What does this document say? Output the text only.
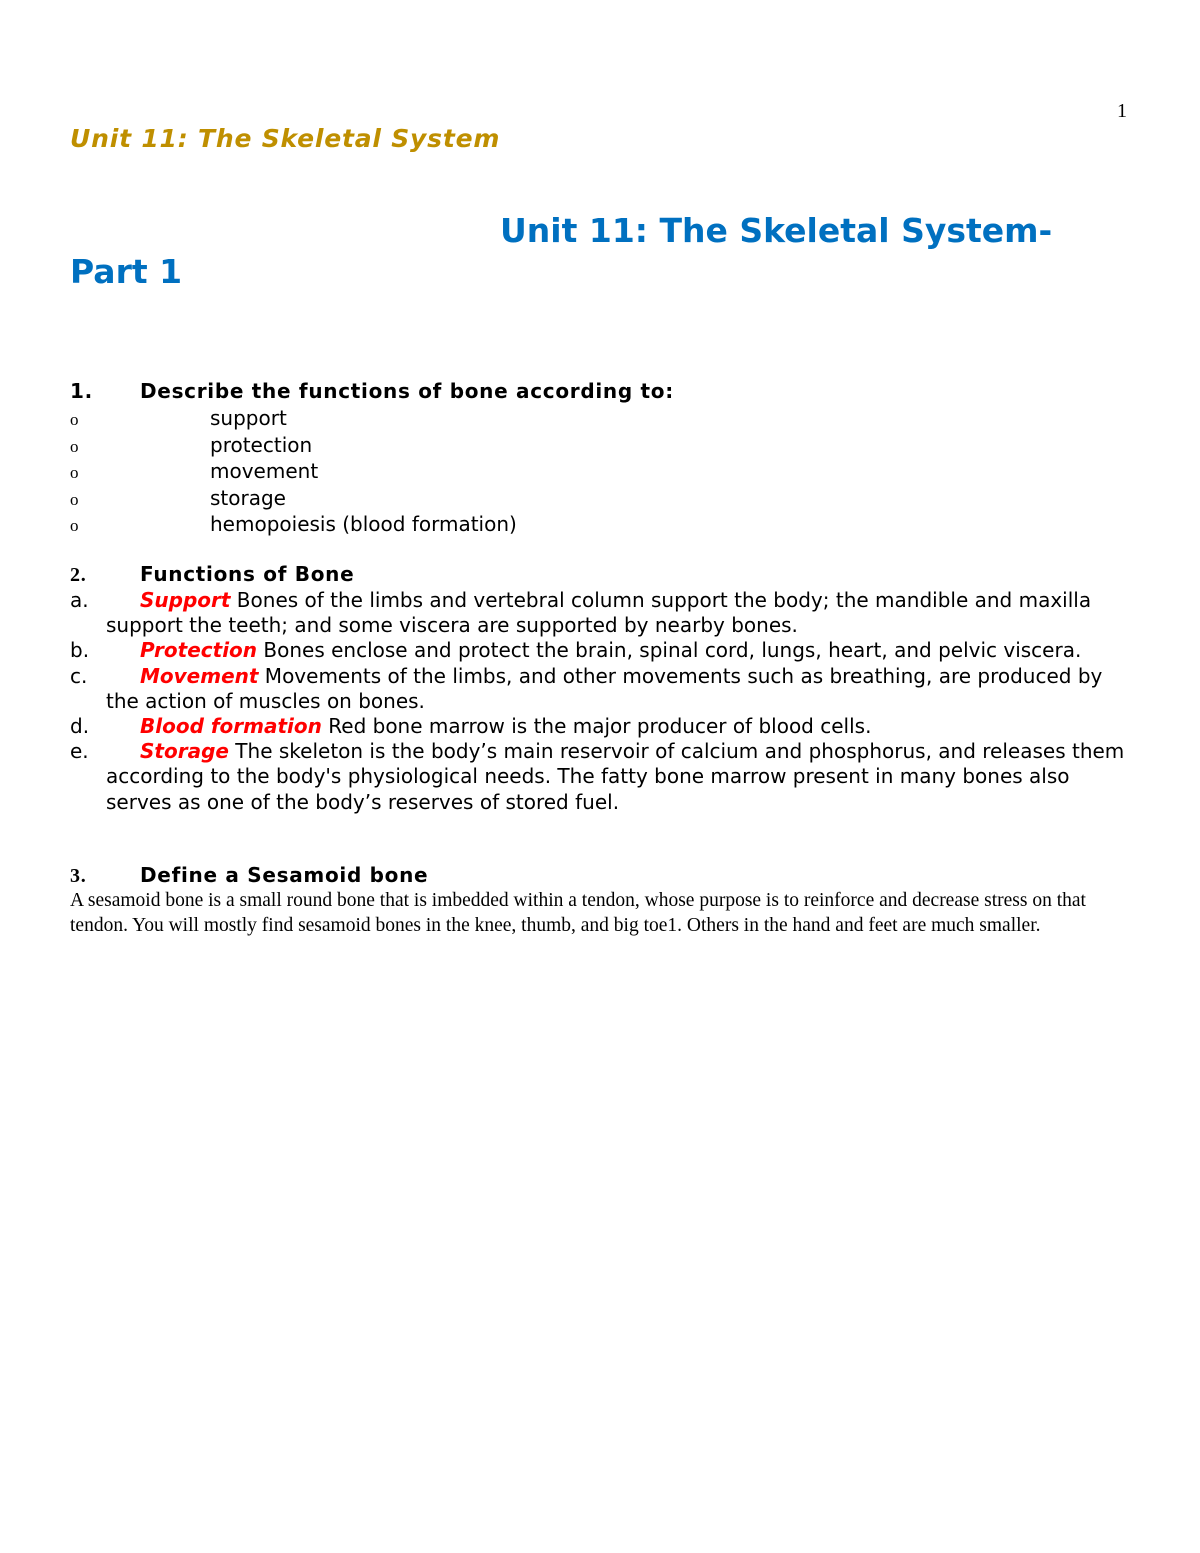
1
Unit 11: The Skeletal System
Unit 11: The Skeletal System-
Part 1
1. Describe the functions of bone according to:
o	support
o	protection
o	movement
o	storage
o	hemopoiesis (blood formation)
2.	Functions of Bone
a.	Support Bones of the limbs and vertebral column support the body; the mandible and maxilla support the teeth; and some viscera are supported by nearby bones.
b.	Protection Bones enclose and protect the brain, spinal cord, lungs, heart, and pelvic viscera.
c.	Movement Movements of the limbs, and other movements such as breathing, are produced by the action of muscles on bones.
d.	Blood formation Red bone marrow is the major producer of blood cells.
e.	Storage The skeleton is the body’s main reservoir of calcium and phosphorus, and releases them according to the body's physiological needs. The fatty bone marrow present in many bones also serves as one of the body’s reserves of stored fuel.
3.	Define a Sesamoid bone

A sesamoid bone is a small round bone that is imbedded within a tendon, whose purpose is to reinforce and decrease stress on that tendon. You will mostly find sesamoid bones in the knee, thumb, and big toe1. Others in the hand and feet are much smaller.
